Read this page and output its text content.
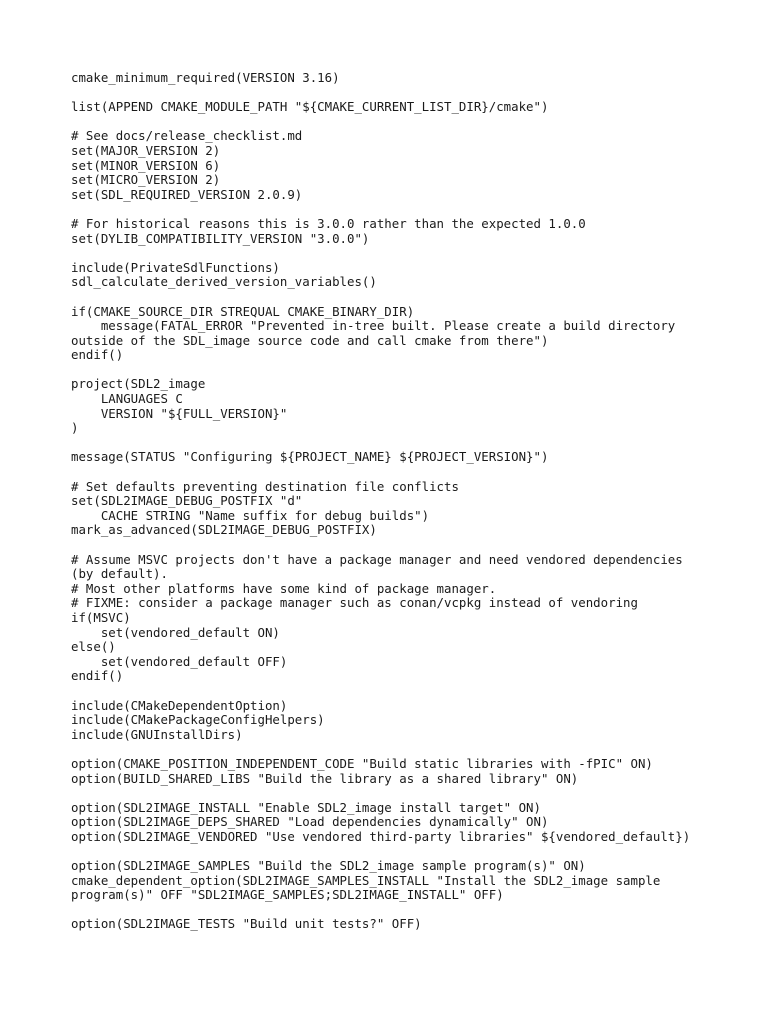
cmake_minimum_required(VERSION 3.16)
list(APPEND CMAKE_MODULE_PATH "${CMAKE_CURRENT_LIST_DIR}/cmake")
# See docs/release_checklist.md
set(MAJOR_VERSION 2)
set(MINOR_VERSION 6)
set(MICRO_VERSION 2)
set(SDL_REQUIRED_VERSION 2.0.9)
# For historical reasons this is 3.0.0 rather than the expected 1.0.0
set(DYLIB_COMPATIBILITY_VERSION "3.0.0")
include(PrivateSdlFunctions)
sdl_calculate_derived_version_variables()
if(CMAKE_SOURCE_DIR STREQUAL CMAKE_BINARY_DIR)
message(FATAL_ERROR "Prevented in-tree built. Please create a build directory
outside of the SDL_image source code and call cmake from there")
endif()
project(SDL2_image
LANGUAGES C
VERSION "${FULL_VERSION}"
)
message(STATUS "Configuring ${PROJECT_NAME} ${PROJECT_VERSION}")
# Set defaults preventing destination file conflicts
set(SDL2IMAGE_DEBUG_POSTFIX "d"
CACHE STRING "Name suffix for debug builds")
mark_as_advanced(SDL2IMAGE_DEBUG_POSTFIX)
# Assume MSVC projects don't have a package manager and need vendored dependencies
(by default).
# Most other platforms have some kind of package manager.
# FIXME: consider a package manager such as conan/vcpkg instead of vendoring
if(MSVC)
set(vendored_default ON)
else()
set(vendored_default OFF)
endif()
include(CMakeDependentOption)
include(CMakePackageConfigHelpers)
include(GNUInstallDirs)
option(CMAKE_POSITION_INDEPENDENT_CODE "Build static libraries with -fPIC" ON)
option(BUILD_SHARED_LIBS "Build the library as a shared library" ON)
option(SDL2IMAGE_INSTALL "Enable SDL2_image install target" ON)
option(SDL2IMAGE_DEPS_SHARED "Load dependencies dynamically" ON)
option(SDL2IMAGE_VENDORED "Use vendored third-party libraries" ${vendored_default})
option(SDL2IMAGE_SAMPLES "Build the SDL2_image sample program(s)" ON)
cmake_dependent_option(SDL2IMAGE_SAMPLES_INSTALL "Install the SDL2_image sample
program(s)" OFF "SDL2IMAGE_SAMPLES;SDL2IMAGE_INSTALL" OFF)
option(SDL2IMAGE_TESTS "Build unit tests?" OFF)
